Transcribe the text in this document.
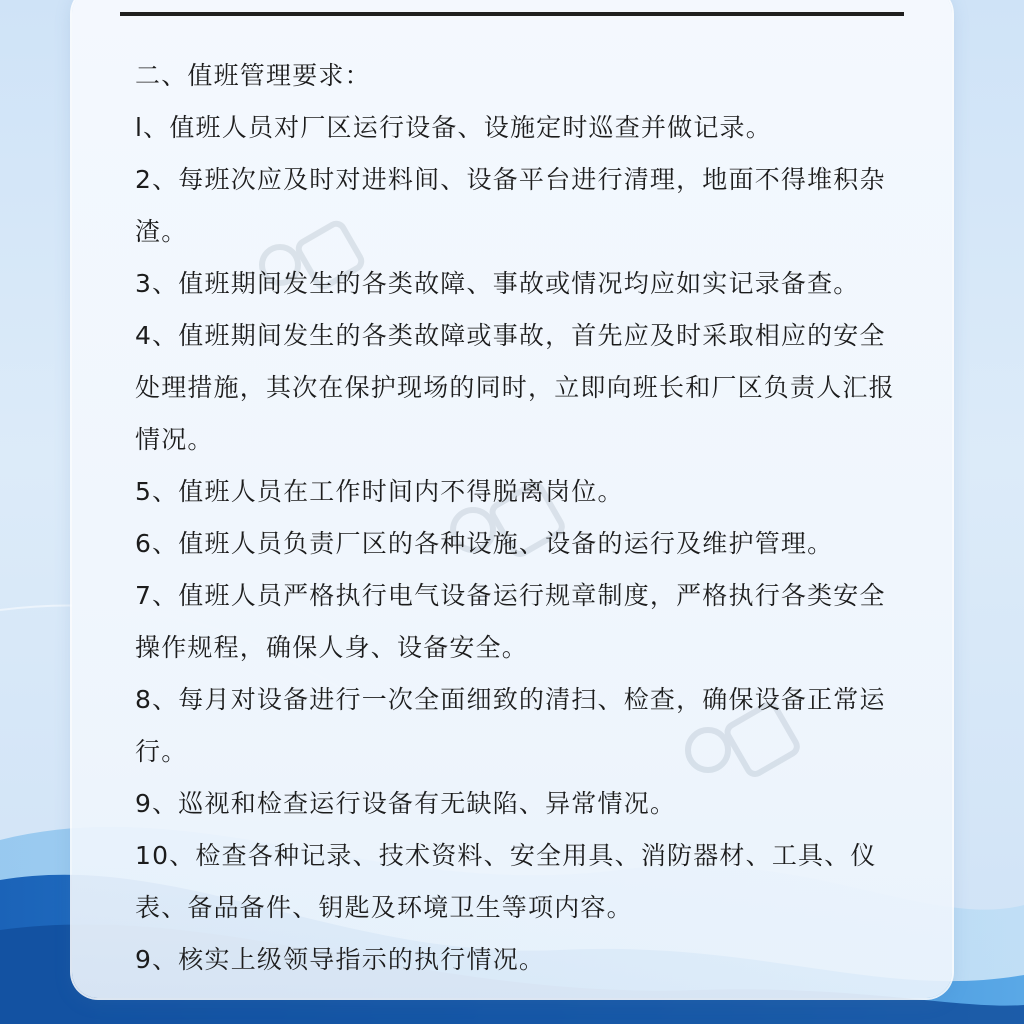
二、值班管理要求：

l、值班人员对厂区运行设备、设施定时巡查并做记录。

2、每班次应及时对进料间、设备平台进行清理，地面不得堆积杂渣。

3、值班期间发生的各类故障、事故或情况均应如实记录备查。

4、值班期间发生的各类故障或事故，首先应及时采取相应的安全处理措施，其次在保护现场的同时，立即向班长和厂区负责人汇报情况。

5、值班人员在工作时间内不得脱离岗位。

6、值班人员负责厂区的各种设施、设备的运行及维护管理。

7、值班人员严格执行电气设备运行规章制度，严格执行各类安全操作规程，确保人身、设备安全。

8、每月对设备进行一次全面细致的清扫、检查，确保设备正常运行。

9、巡视和检查运行设备有无缺陷、异常情况。

10、检查各种记录、技术资料、安全用具、消防器材、工具、仪表、备品备件、钥匙及环境卫生等项内容。

9、核实上级领导指示的执行情况。
